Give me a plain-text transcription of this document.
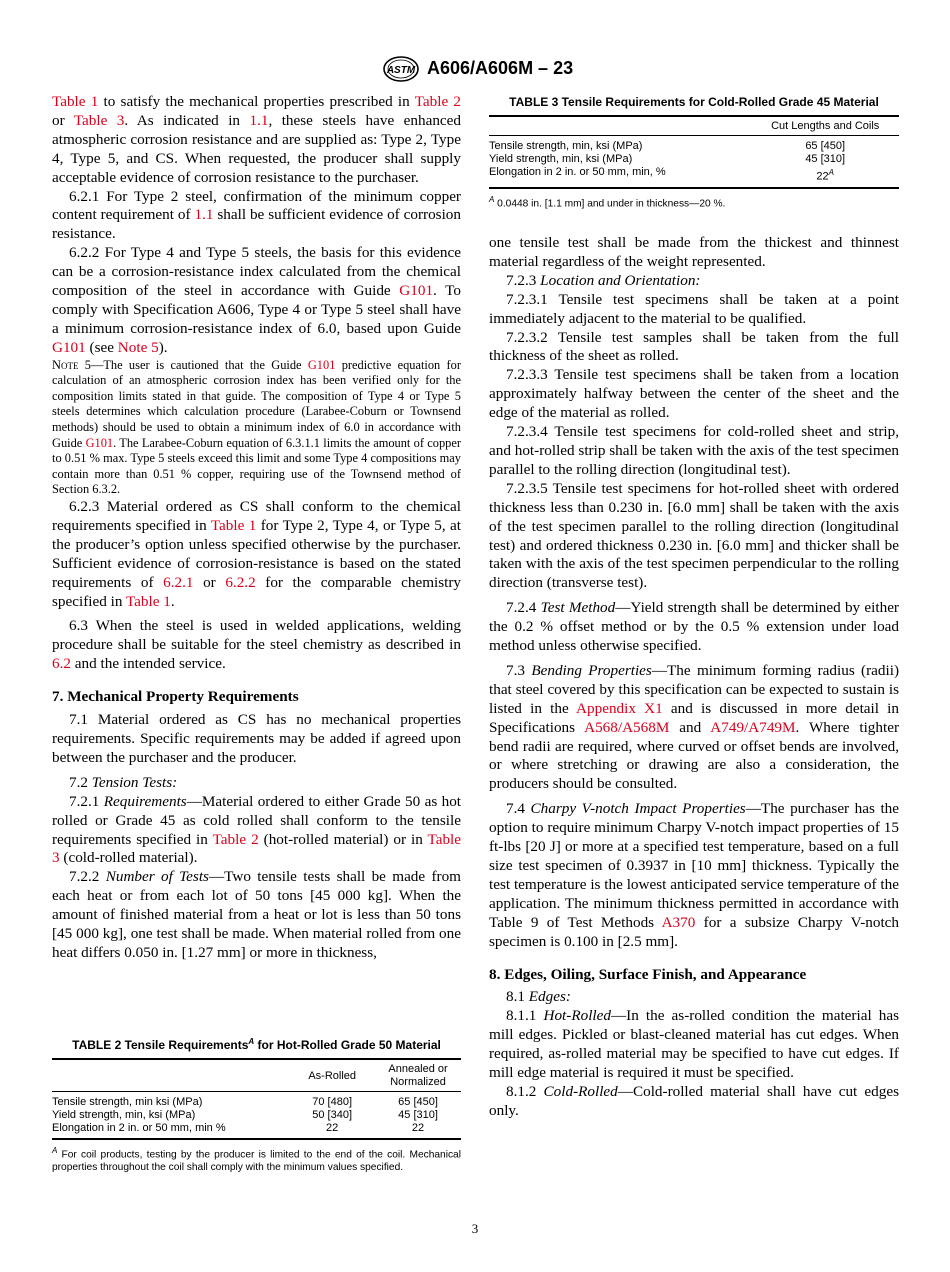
ASTM A606/A606M – 23

Table 1 to satisfy the mechanical properties prescribed in Table 2 or Table 3. As indicated in 1.1, these steels have enhanced atmospheric corrosion resistance and are supplied as: Type 2, Type 4, Type 5, and CS. When requested, the producer shall supply acceptable evidence of corrosion resistance to the purchaser.

6.2.1 For Type 2 steel, confirmation of the minimum copper content requirement of 1.1 shall be sufficient evidence of corrosion resistance.

6.2.2 For Type 4 and Type 5 steels, the basis for this evidence can be a corrosion-resistance index calculated from the chemical composition of the steel in accordance with Guide G101. To comply with Specification A606, Type 4 or Type 5 steel shall have a minimum corrosion-resistance index of 6.0, based upon Guide G101 (see Note 5).

Note 5—The user is cautioned that the Guide G101 predictive equation for calculation of an atmospheric corrosion index has been verified only for the composition limits stated in that guide. The composition of Type 4 or Type 5 steels determines which calculation procedure (Larabee-Coburn or Townsend methods) should be used to obtain a minimum index of 6.0 in accordance with Guide G101. The Larabee-Coburn equation of 6.3.1.1 limits the amount of copper to 0.51 % max. Type 5 steels exceed this limit and some Type 4 compositions may contain more than 0.51 % copper, requiring use of the Townsend method of Section 6.3.2.

6.2.3 Material ordered as CS shall conform to the chemical requirements specified in Table 1 for Type 2, Type 4, or Type 5, at the producer’s option unless specified otherwise by the purchaser. Sufficient evidence of corrosion-resistance is based on the stated requirements of 6.2.1 or 6.2.2 for the comparable chemistry specified in Table 1.

6.3 When the steel is used in welded applications, welding procedure shall be suitable for the steel chemistry as described in 6.2 and the intended service.

7. Mechanical Property Requirements

7.1 Material ordered as CS has no mechanical properties requirements. Specific requirements may be added if agreed upon between the purchaser and the producer.

7.2 Tension Tests:

7.2.1 Requirements—Material ordered to either Grade 50 as hot rolled or Grade 45 as cold rolled shall conform to the tensile requirements specified in Table 2 (hot-rolled material) or in Table 3 (cold-rolled material).

7.2.2 Number of Tests—Two tensile tests shall be made from each heat or from each lot of 50 tons [45 000 kg]. When the amount of finished material from a heat or lot is less than 50 tons [45 000 kg], one test shall be made. When material rolled from one heat differs 0.050 in. [1.27 mm] or more in thickness,

TABLE 3 Tensile Requirements for Cold-Rolled Grade 45 Material
	Cut Lengths and Coils

Tensile strength, min, ksi (MPa)	65 [450]
Yield strength, min, ksi (MPa)	45 [310]
Elongation in 2 in. or 50 mm, min, %	$22^A$
$^A$ 0.0448 in. [1.1 mm] and under in thickness—20 %.

one tensile test shall be made from the thickest and thinnest material regardless of the weight represented.

7.2.3 Location and Orientation:

7.2.3.1 Tensile test specimens shall be taken at a point immediately adjacent to the material to be qualified.

7.2.3.2 Tensile test samples shall be taken from the full thickness of the sheet as rolled.

7.2.3.3 Tensile test specimens shall be taken from a location approximately halfway between the center of the sheet and the edge of the material as rolled.

7.2.3.4 Tensile test specimens for cold-rolled sheet and strip, and hot-rolled strip shall be taken with the axis of the test specimen parallel to the rolling direction (longitudinal test).

7.2.3.5 Tensile test specimens for hot-rolled sheet with ordered thickness less than 0.230 in. [6.0 mm] shall be taken with the axis of the test specimen parallel to the rolling direction (longitudinal test) and ordered thickness 0.230 in. [6.0 mm] and thicker shall be taken with the axis of the test specimen perpendicular to the rolling direction (transverse test).

7.2.4 Test Method—Yield strength shall be determined by either the 0.2 % offset method or by the 0.5 % extension under load method unless otherwise specified.

7.3 Bending Properties—The minimum forming radius (radii) that steel covered by this specification can be expected to sustain is listed in the Appendix X1 and is discussed in more detail in Specifications A568/A568M and A749/A749M. Where tighter bend radii are required, where curved or offset bends are involved, or where stretching or drawing are also a consideration, the producers should be consulted.

7.4 Charpy V-notch Impact Properties—The purchaser has the option to require minimum Charpy V-notch impact properties of 15 ft-lbs [20 J] or more at a specified test temperature, based on a full size test specimen of 0.3937 in [10 mm] thickness. Typically the test temperature is the lowest anticipated service temperature of the application. The minimum thickness permitted in accordance with Table 9 of Test Methods A370 for a subsize Charpy V-notch specimen is 0.100 in [2.5 mm].

8. Edges, Oiling, Surface Finish, and Appearance

8.1 Edges:

8.1.1 Hot-Rolled—In the as-rolled condition the material has mill edges. Pickled or blast-cleaned material has cut edges. When required, as-rolled material may be specified to have cut edges. If mill edge material is required it must be specified.

8.1.2 Cold-Rolled—Cold-rolled material shall have cut edges only.

TABLE 2 Tensile Requirements$^A$ for Hot-Rolled Grade 50 Material
	As-Rolled	Annealed or
Normalized

Tensile strength, min ksi (MPa)	70 [480]	65 [450]
Yield strength, min, ksi (MPa)	50 [340]	45 [310]
Elongation in 2 in. or 50 mm, min %	22	22
$^A$ For coil products, testing by the producer is limited to the end of the coil. Mechanical properties throughout the coil shall comply with the minimum values specified.
3
